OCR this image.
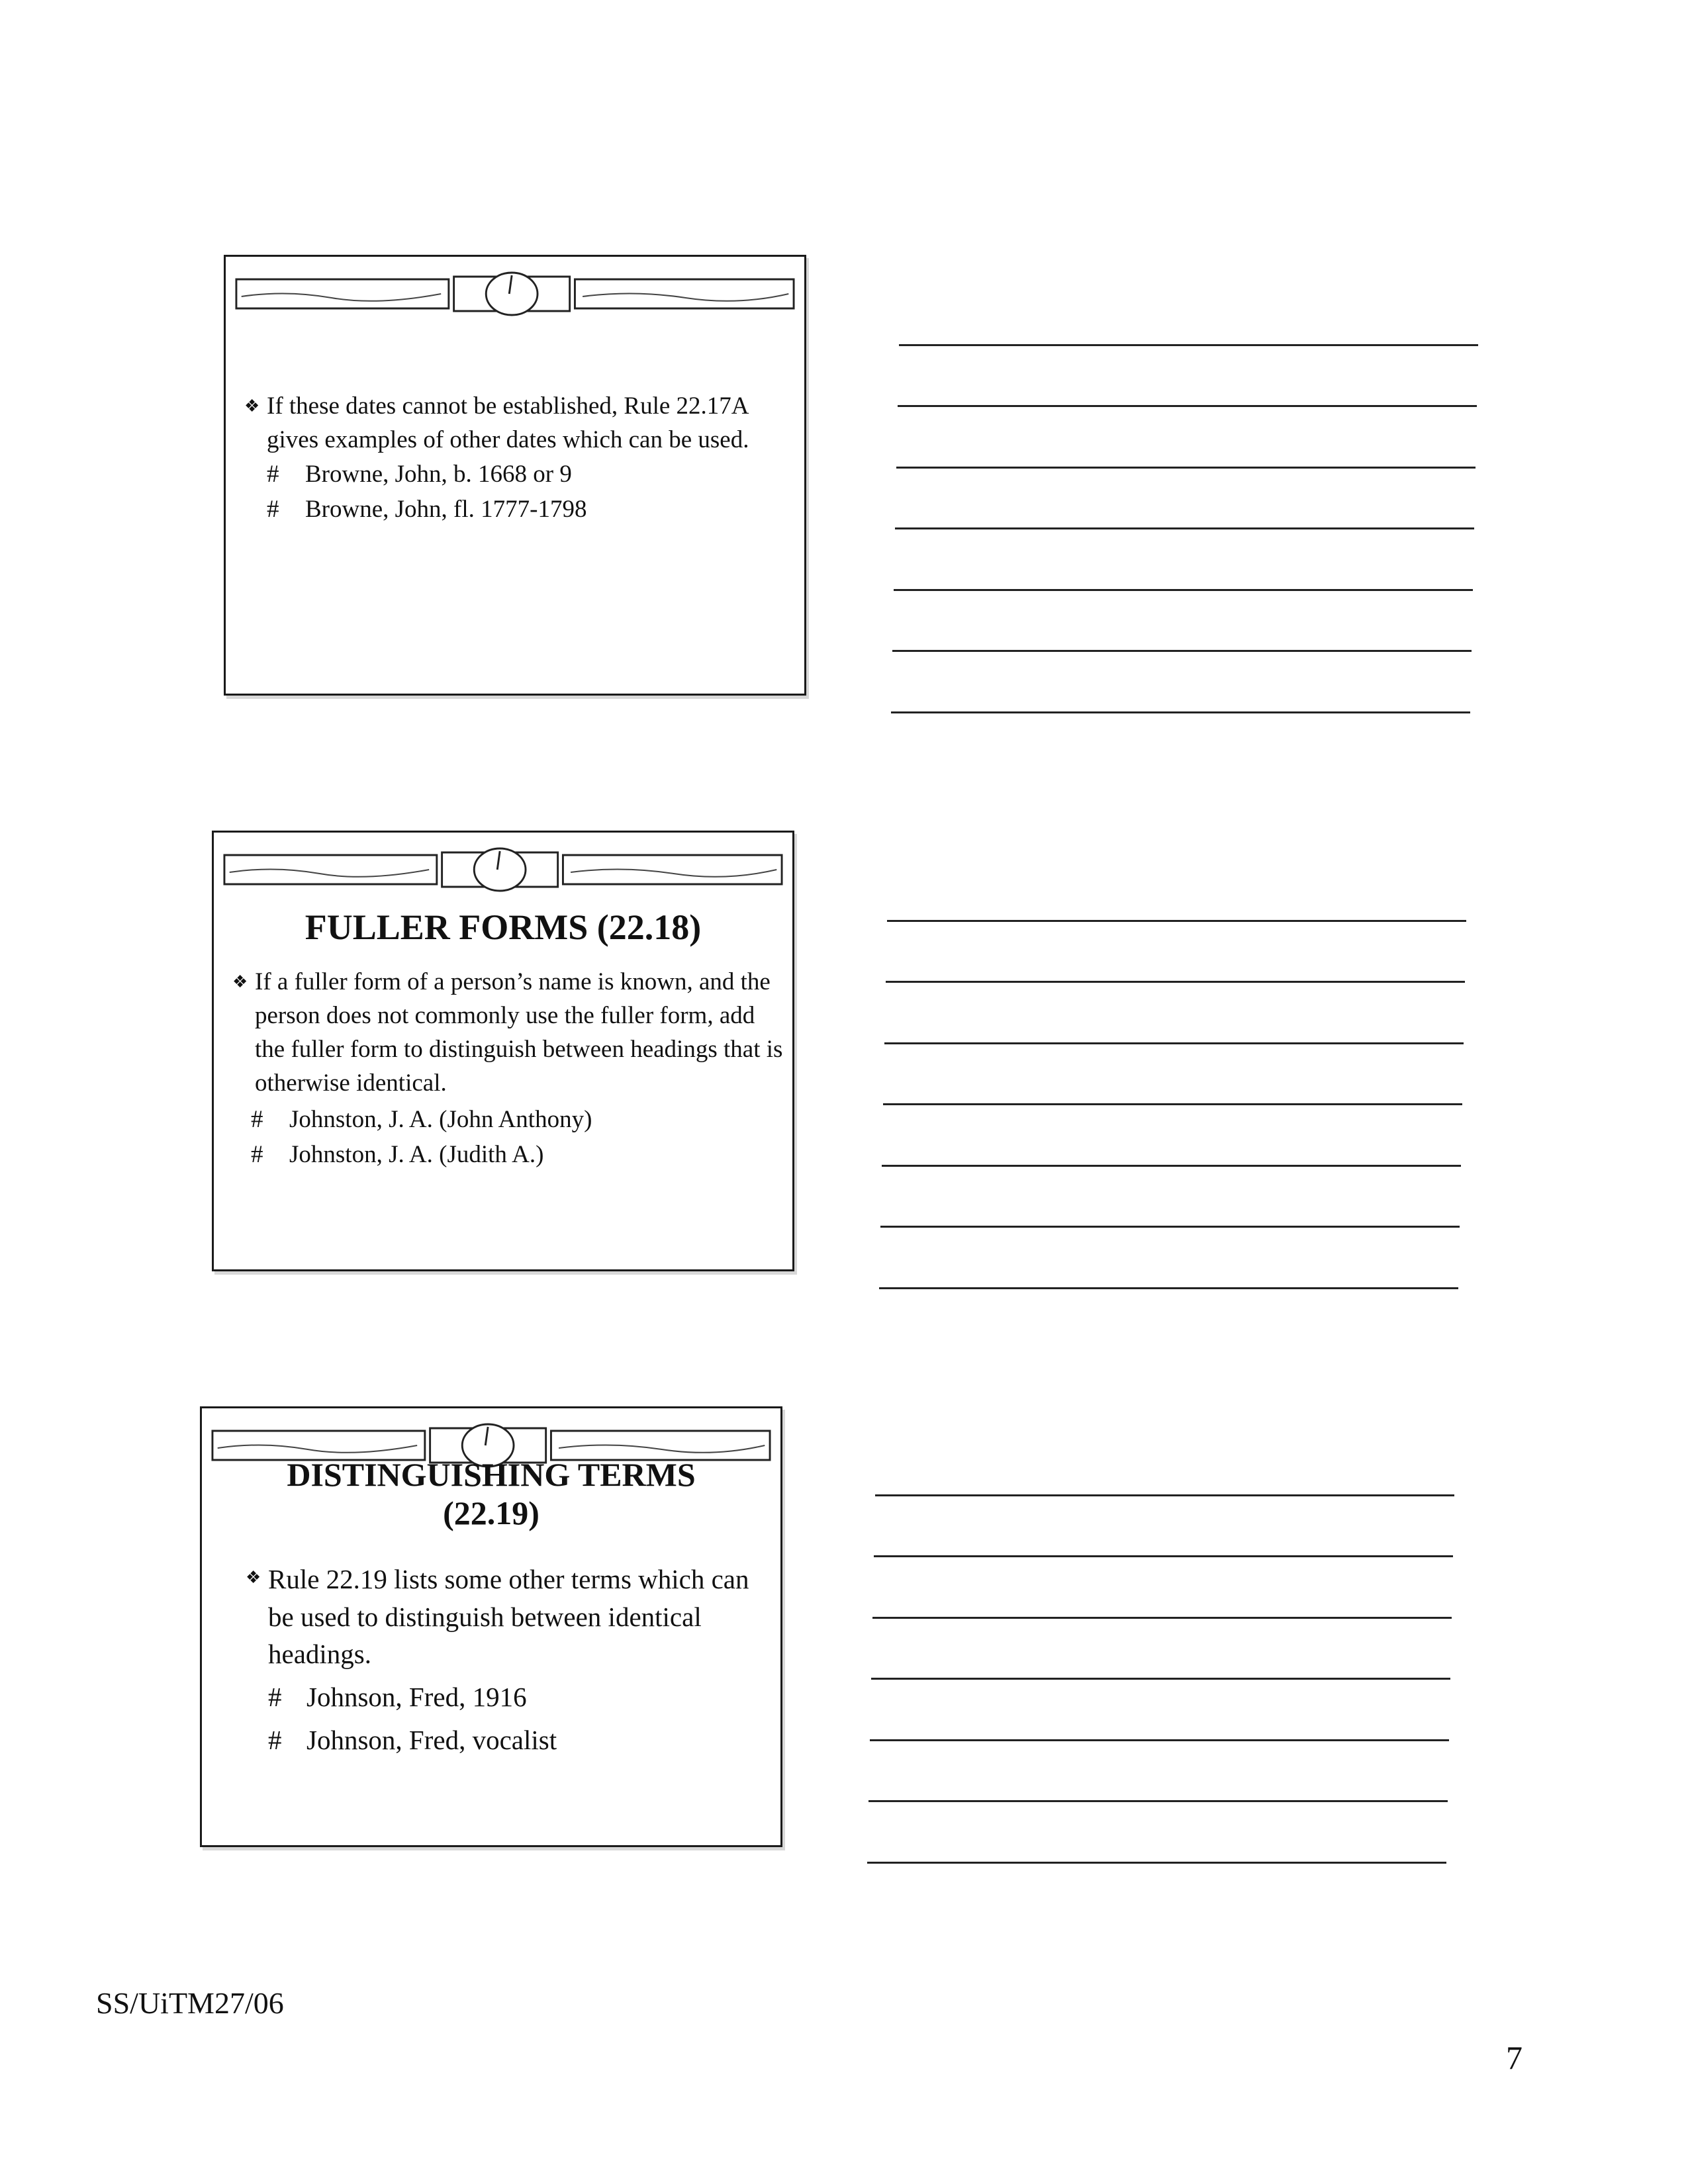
❖ If these dates cannot be established, Rule 22.17A gives examples of other dates which can be used.
# Browne, John, b. 1668 or 9
# Browne, John, fl. 1777-1798
FULLER FORMS (22.18)
❖ If a fuller form of a person’s name is known, and the person does not commonly use the fuller form, add the fuller form to distinguish between headings that is otherwise identical.
# Johnston, J. A. (John Anthony)
# Johnston, J. A. (Judith A.)
DISTINGUISHING TERMS
(22.19)
❖ Rule 22.19 lists some other terms which can be used to distinguish between identical headings.
# Johnson, Fred, 1916
# Johnson, Fred, vocalist
SS/UiTM27/06
7
